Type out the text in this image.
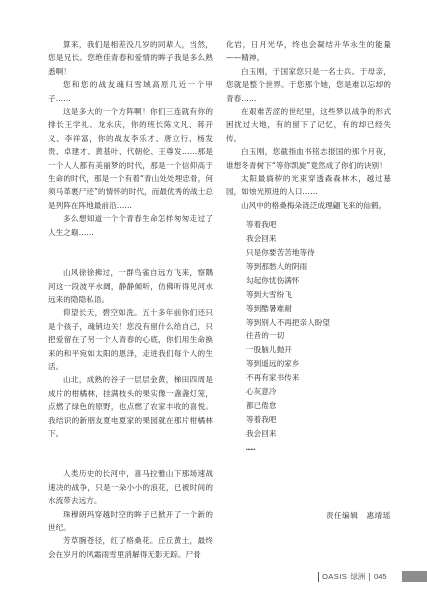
算来，我们是相差没几岁的同辈人，当然，您是兄长。您绝佳青春和爱情的眸子我是多么熟悉啊！

您和您的战友魂归雪域高原几近一个甲子……

这是多大的一个方阵啊！你们三连就有你的排长王学礼、龙永庆，你的班长陈文凡、蒋开义、李祥富，你的战友李乐才、唐立行、杨发贵、卓建才、黄基叶、代朝伦、王尊发……那是一个人人都有美丽梦的时代，那是一个信仰高于生命的时代，那是一个有着“青山处处埋忠骨，何须马革裹尸还”的情怀的时代，而最优秀的战士总是列阵在阵地最前沿……

多么想知道一个个青春生命怎样匆匆走过了人生之巅……

山风徐徐拂过，一群鸟雀自远方飞来，察隅河这一段波平水阔，静静倾听，仿佛听得见河水远来的隐隐私语。

仰望长天，碧空如洗。五十多年前你们还只是个孩子，魂销边关！您没有留什么给自己，只把爱留在了另一个人青春的心底，你们用生命换来的和平宛如太阳的恩泽，走进我们每个人的生活。

山北，成熟的谷子一层层金黄，梯田四周是成片的柑橘林，挂满枝头的果实像一盏盏灯笼，点燃了绿色的原野，也点燃了农家丰收的喜悦。我结识的新朋友夏电夏家的果园就在那片柑橘林下。

人类历史的长河中，喜马拉雅山下那场速战速决的战争，只是一朵小小的浪花，已被时间的水流带去远方。

珠穆朗玛穿越时空的眸子已掀开了一个新的世纪。

芳草腕苍径，红了格桑花。丘丘黄土，最终会在岁月的风霜雨雪里消解得无影无踪。尸骨

化岩，日月光华，终也会凝结升华永生的能量——精神。

白玉刚，于国家您只是一名士兵。于母亲，您就是整个世界。于您那个她，您是难以忘却的青春……

在艰难苦涩的世纪里，这些梦以战争的形式困扰过大地，有的留下了记忆，有的却已经失传。

白玉刚，您截指血书铭志报国的那个月夜，谁想冬青树下“等你凯旋”竟然成了你们的诀别！

太阳最旖秽的光束穿透森森林木，越过墓园，如烛光照进的人口……

山风中的格桑梅朵涟泛成理翩飞来的仙鹤。

等着我吧
我会回来
只是你要苦苦地等待
等到那愁人的阴雨
勾起你忧伤满怀
等到大雪纷飞
等到酷暑难耐
等到别人不再把亲人盼望
往昔的一切
一股脑儿抛开
等到遥远的家乡
不再有家书传来
心灰意冷
都已倦怠
等着我吧
我会回来
……
责任编辑　惠靖瑶
OASIS 绿洲 | 045
